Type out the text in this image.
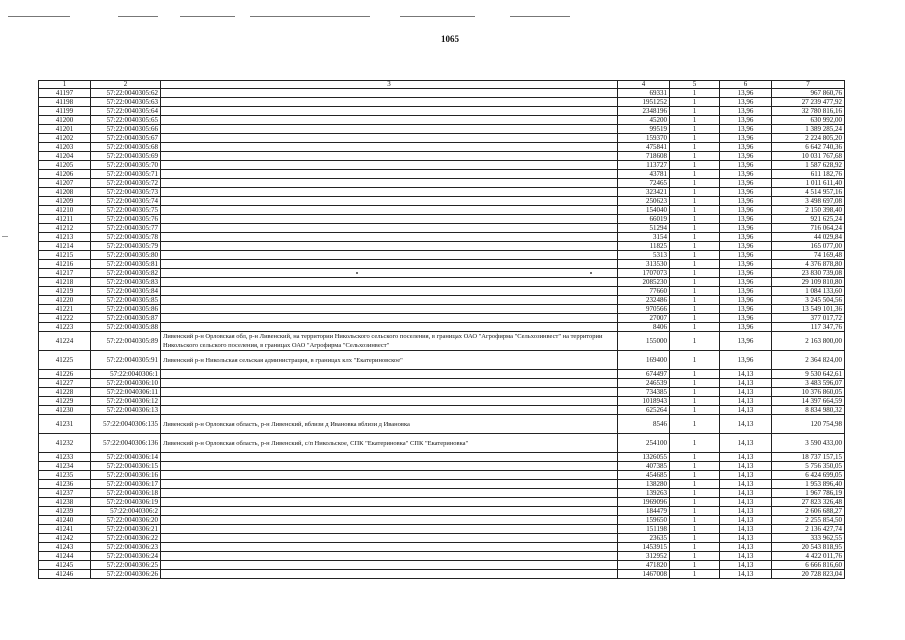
1065
1	2	3	4	5	6	7
41197	57:22:0040305:62		69331	1	13,96	967 860,76
41198	57:22:0040305:63		1951252	1	13,96	27 239 477,92
41199	57:22:0040305:64		2348196	1	13,96	32 780 816,16
41200	57:22:0040305:65		45200	1	13,96	630 992,00
41201	57:22:0040305:66		99519	1	13,96	1 389 285,24
41202	57:22:0040305:67		159370	1	13,96	2 224 805,20
41203	57:22:0040305:68		475841	1	13,96	6 642 740,36
41204	57:22:0040305:69		718608	1	13,96	10 031 767,68
41205	57:22:0040305:70		113727	1	13,96	1 587 628,92
41206	57:22:0040305:71		43781	1	13,96	611 182,76
41207	57:22:0040305:72		72465	1	13,96	1 011 611,40
41208	57:22:0040305:73		323421	1	13,96	4 514 957,16
41209	57:22:0040305:74		250623	1	13,96	3 498 697,08
41210	57:22:0040305:75		154040	1	13,96	2 150 398,40
41211	57:22:0040305:76		66019	1	13,96	921 625,24
41212	57:22:0040305:77		51294	1	13,96	716 064,24
41213	57:22:0040305:78		3154	1	13,96	44 029,84
41214	57:22:0040305:79		11825	1	13,96	165 077,00
41215	57:22:0040305:80		5313	1	13,96	74 169,48
41216	57:22:0040305:81		313530	1	13,96	4 376 878,80
41217	57:22:0040305:82		1707073	1	13,96	23 830 739,08
41218	57:22:0040305:83		2085230	1	13,96	29 109 810,80
41219	57:22:0040305:84		77660	1	13,96	1 084 133,60
41220	57:22:0040305:85		232486	1	13,96	3 245 504,56
41221	57:22:0040305:86		970566	1	13,96	13 549 101,36
41222	57:22:0040305:87		27007	1	13,96	377 017,72
41223	57:22:0040305:88		8406	1	13,96	117 347,76
41224	57:22:0040305:89	Ливенский р-н Орловская обл, р-н Ливенский, на территории Никольского сельского поселения, в границах ОАО "Агрофирма "Сельхозинвест" на территории Никольского сельского поселения, в границах ОАО "Агрофирма "Сельхозинвест"	155000	1	13,96	2 163 800,00
41225	57:22:0040305:91	Ливенский р-н Никольская сельская администрация, в границах клх "Екатериновское"	169400	1	13,96	2 364 824,00
41226	57:22:0040306:1		674497	1	14,13	9 530 642,61
41227	57:22:0040306:10		246539	1	14,13	3 483 596,07
41228	57:22:0040306:11		734385	1	14,13	10 376 860,05
41229	57:22:0040306:12		1018943	1	14,13	14 397 664,59
41230	57:22:0040306:13		625264	1	14,13	8 834 980,32
41231	57:22:0040306:135	Ливенский р-н Орловская область, р-н Ливенский, вблизи д Ивановка вблизи д Ивановка	8546	1	14,13	120 754,98
41232	57:22:0040306:136	Ливенский р-н Орловская область, р-н Ливенский, с/п Никольское, СПК "Екатериновка" СПК "Екатериновка"	254100	1	14,13	3 590 433,00
41233	57:22:0040306:14		1326055	1	14,13	18 737 157,15
41234	57:22:0040306:15		407385	1	14,13	5 756 350,05
41235	57:22:0040306:16		454685	1	14,13	6 424 699,05
41236	57:22:0040306:17		138280	1	14,13	1 953 896,40
41237	57:22:0040306:18		139263	1	14,13	1 967 786,19
41238	57:22:0040306:19		1969096	1	14,13	27 823 326,48
41239	57:22:0040306:2		184479	1	14,13	2 606 688,27
41240	57:22:0040306:20		159650	1	14,13	2 255 854,50
41241	57:22:0040306:21		151198	1	14,13	2 136 427,74
41242	57:22:0040306:22		23635	1	14,13	333 962,55
41243	57:22:0040306:23		1453915	1	14,13	20 543 818,95
41244	57:22:0040306:24		312952	1	14,13	4 422 011,76
41245	57:22:0040306:25		471820	1	14,13	6 666 816,60
41246	57:22:0040306:26		1467008	1	14,13	20 728 823,04
